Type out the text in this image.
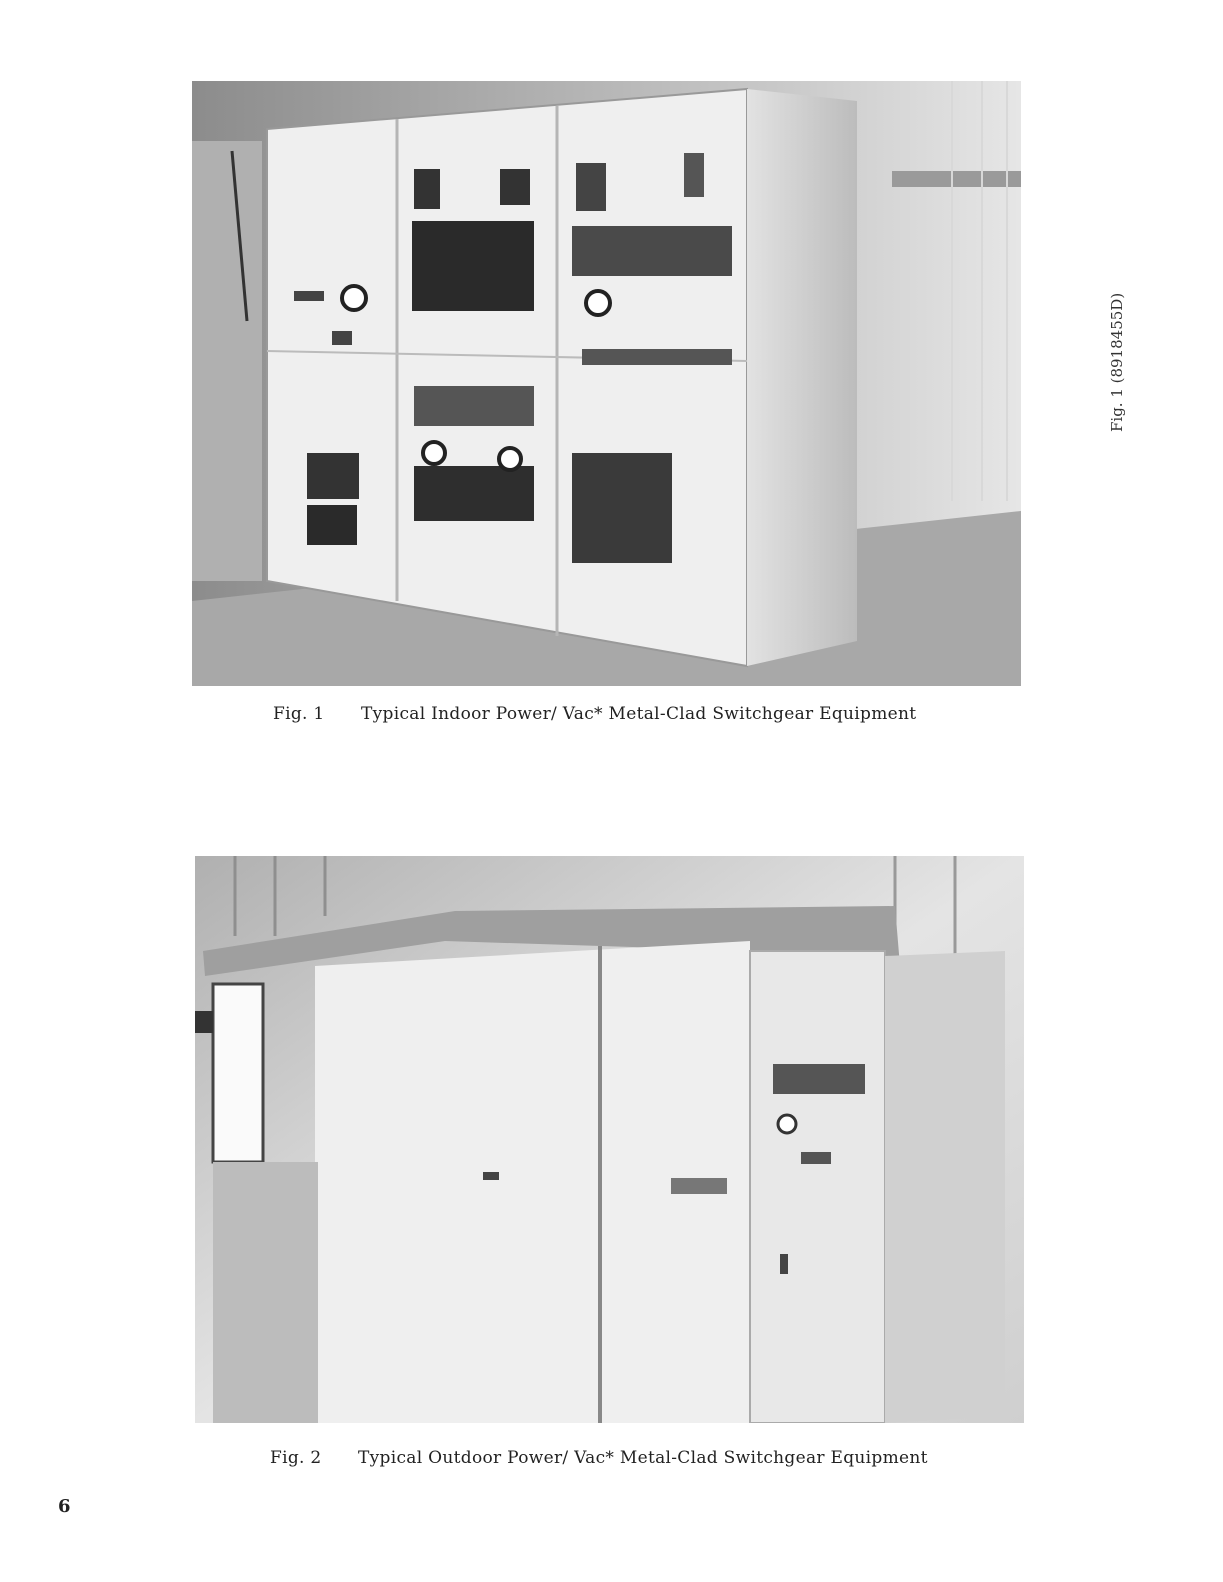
Fig. 1 Typical Indoor Power/ Vac* Metal-Clad Switchgear Equipment
Fig. 2 Typical Outdoor Power/ Vac* Metal-Clad Switchgear Equipment
Fig. 1 (8918455D)
6
